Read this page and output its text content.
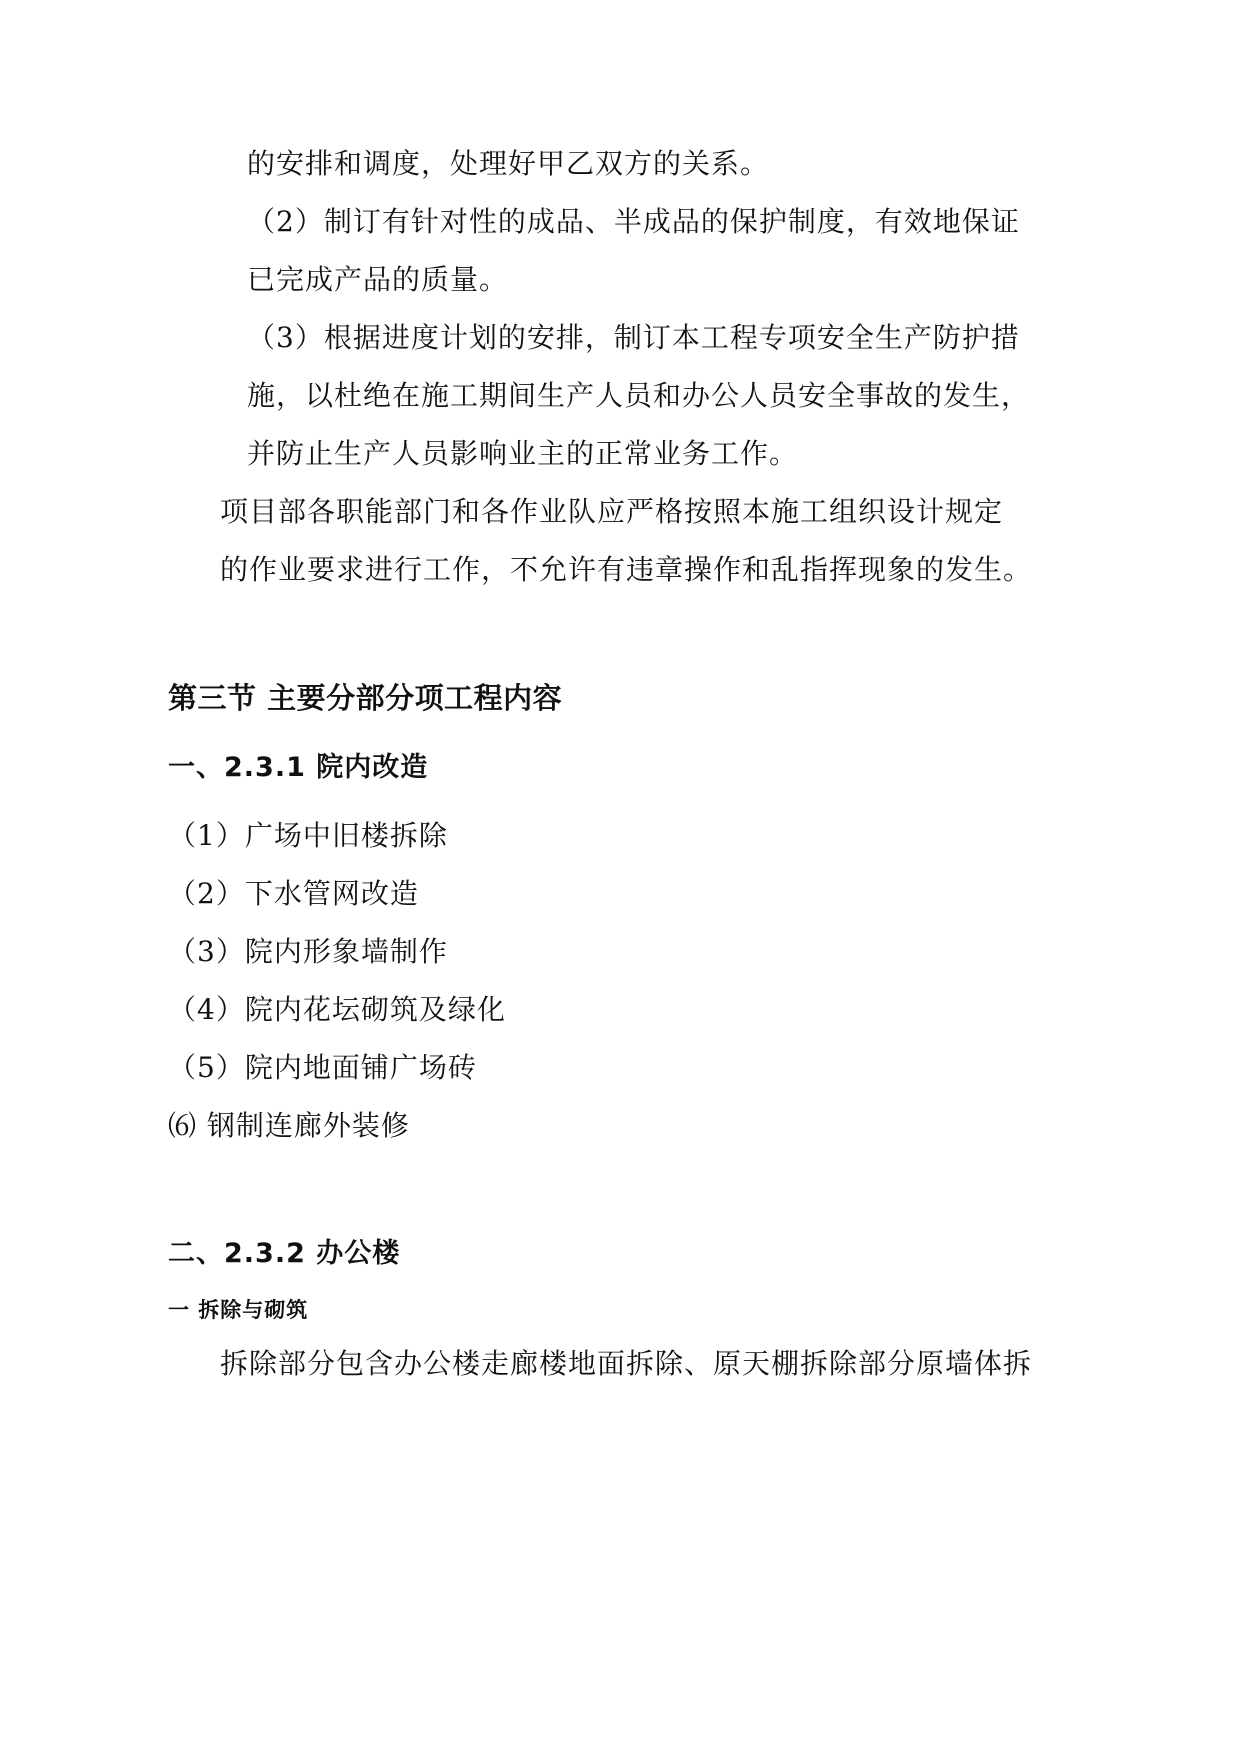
的安排和调度，处理好甲乙双方的关系。
（2）制订有针对性的成品、半成品的保护制度，有效地保证
已完成产品的质量。
（3）根据进度计划的安排，制订本工程专项安全生产防护措
施，以杜绝在施工期间生产人员和办公人员安全事故的发生，
并防止生产人员影响业主的正常业务工作。
项目部各职能部门和各作业队应严格按照本施工组织设计规定
的作业要求进行工作，不允许有违章操作和乱指挥现象的发生。
第三节 主要分部分项工程内容
一、2.3.1 院内改造
（1）广场中旧楼拆除
（2）下水管网改造
（3）院内形象墙制作
（4）院内花坛砌筑及绿化
（5）院内地面铺广场砖
⑹ 钢制连廊外装修
二、2.3.2 办公楼
一 拆除与砌筑
拆除部分包含办公楼走廊楼地面拆除、原天棚拆除部分原墙体拆
